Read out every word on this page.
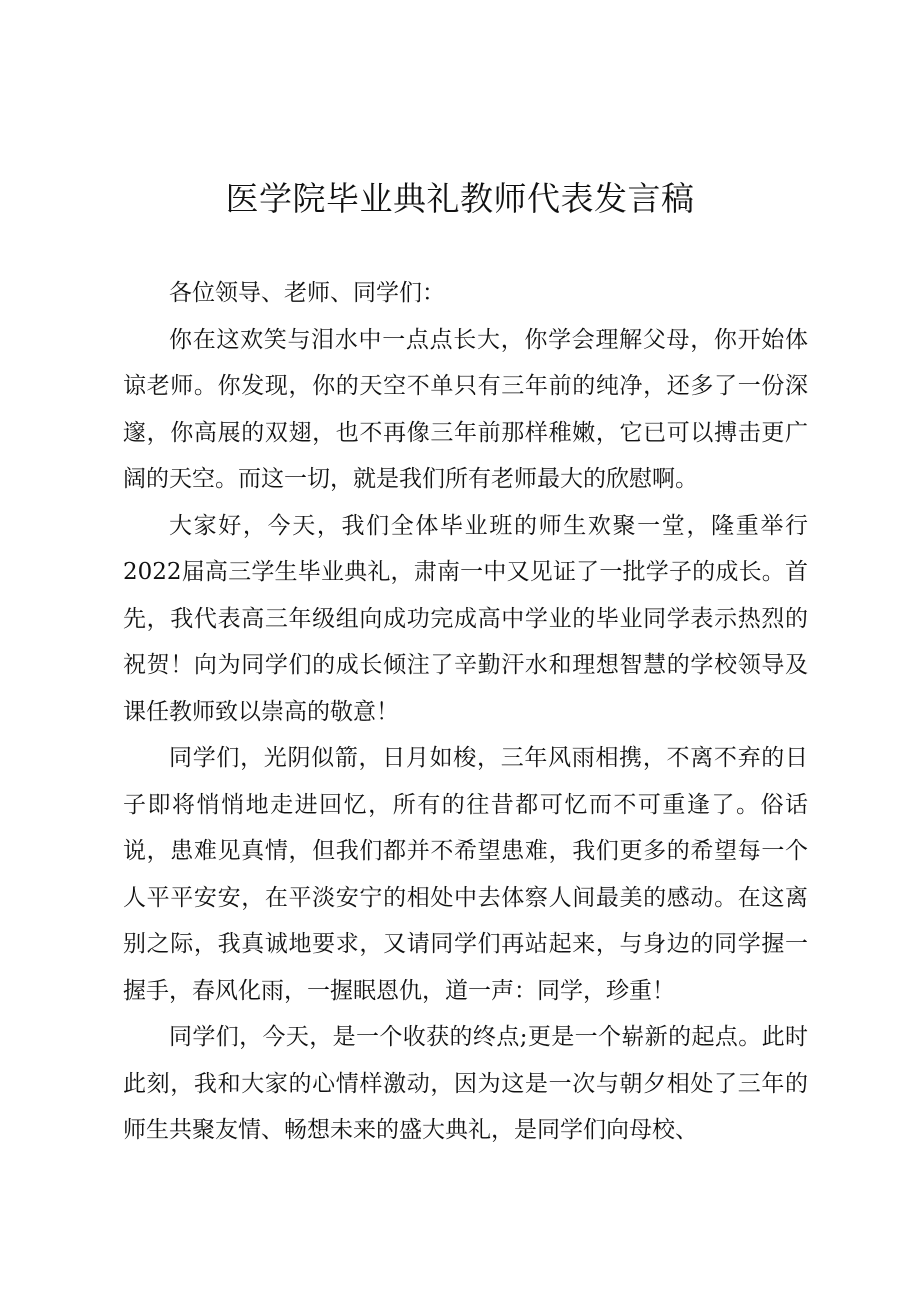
医学院毕业典礼教师代表发言稿

各位领导、老师、同学们：

你在这欢笑与泪水中一点点长大，你学会理解父母，你开始体谅老师。你发现，你的天空不单只有三年前的纯净，还多了一份深邃，你高展的双翅，也不再像三年前那样稚嫩，它已可以搏击更广阔的天空。而这一切，就是我们所有老师最大的欣慰啊。

大家好，今天，我们全体毕业班的师生欢聚一堂，隆重举行2022届高三学生毕业典礼，肃南一中又见证了一批学子的成长。首先，我代表高三年级组向成功完成高中学业的毕业同学表示热烈的祝贺！向为同学们的成长倾注了辛勤汗水和理想智慧的学校领导及课任教师致以崇高的敬意！

同学们，光阴似箭，日月如梭，三年风雨相携，不离不弃的日子即将悄悄地走进回忆，所有的往昔都可忆而不可重逢了。俗话说，患难见真情，但我们都并不希望患难，我们更多的希望每一个人平平安安，在平淡安宁的相处中去体察人间最美的感动。在这离别之际，我真诚地要求，又请同学们再站起来，与身边的同学握一握手，春风化雨，一握眠恩仇，道一声：同学，珍重！

同学们，今天，是一个收获的终点;更是一个崭新的起点。此时此刻，我和大家的心情样激动，因为这是一次与朝夕相处了三年的师生共聚友情、畅想未来的盛大典礼，是同学们向母校、
